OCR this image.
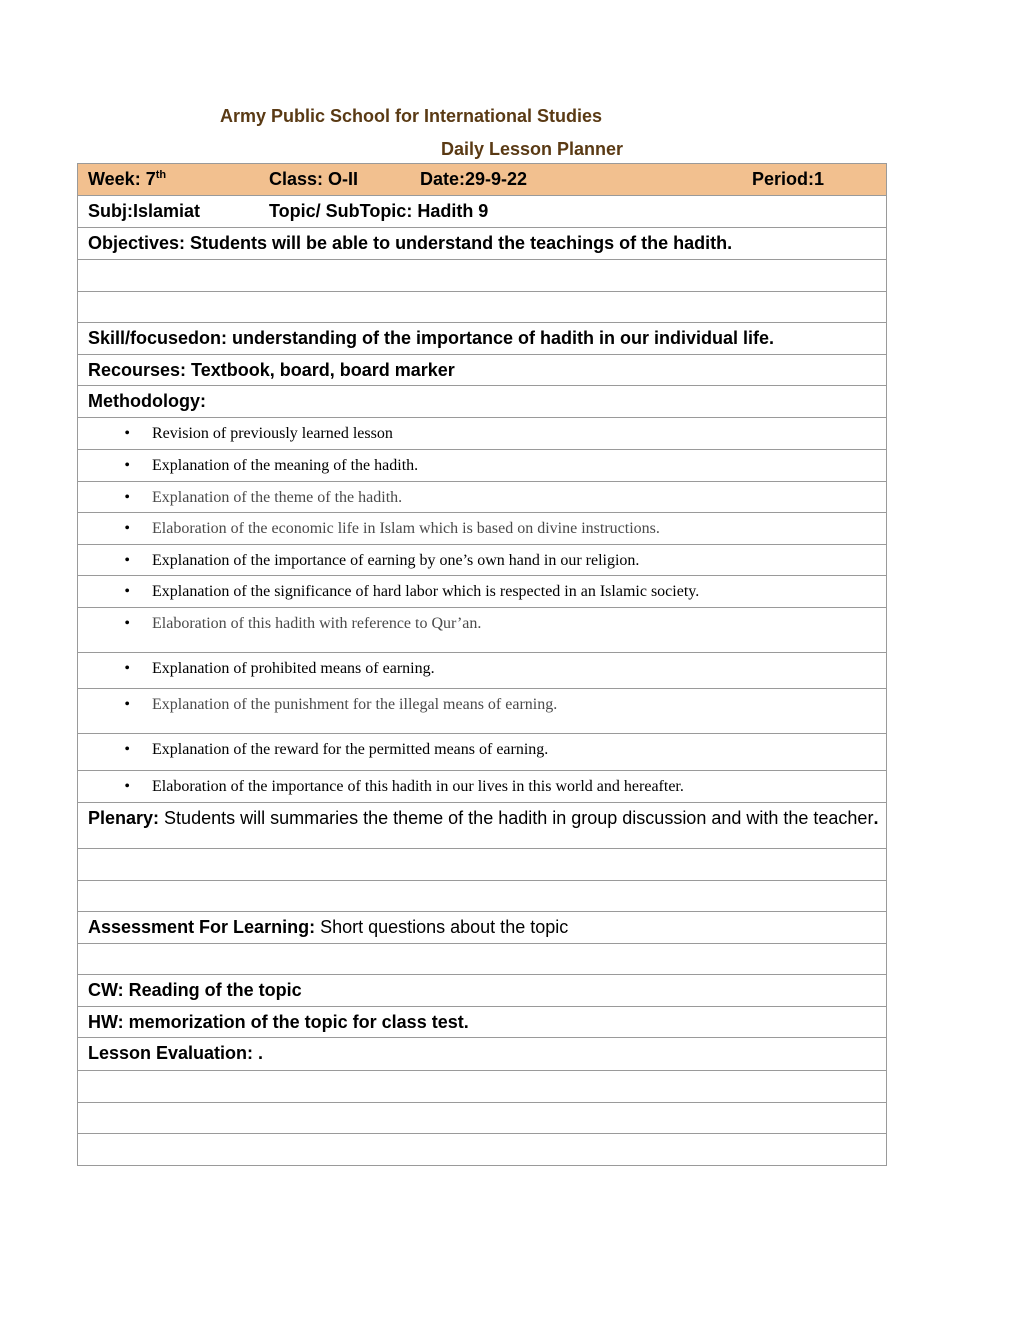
Army Public School for International Studies
Daily Lesson Planner
Week: 7th	Class: O-II	Date:29-9-22	Period:1

Subj:Islamiat	Topic/ SubTopic: Hadith 9

Objectives: Students will be able to understand the teachings of the hadith.

Skill/focusedon: understanding of the importance of hadith in our individual life.
Recourses: Textbook, board, board marker
Methodology:
• Revision of previously learned lesson
• Explanation of the meaning of the hadith.
• Explanation of the theme of the hadith.
• Elaboration of the economic life in Islam which is based on divine instructions.
• Explanation of the importance of earning by one’s own hand in our religion.
• Explanation of the significance of hard labor which is respected in an Islamic society.
• Elaboration of this hadith with reference to Qur’an.
• Explanation of prohibited means of earning.
• Explanation of the punishment for the illegal means of earning.
• Explanation of the reward for the permitted means of earning.
• Elaboration of the importance of this hadith in our lives in this world and hereafter.
Plenary: Students will summaries the theme of the hadith in group discussion and with the teacher.

Assessment For Learning: Short questions about the topic

CW: Reading of the topic
HW: memorization of the topic for class test.
Lesson Evaluation: .
